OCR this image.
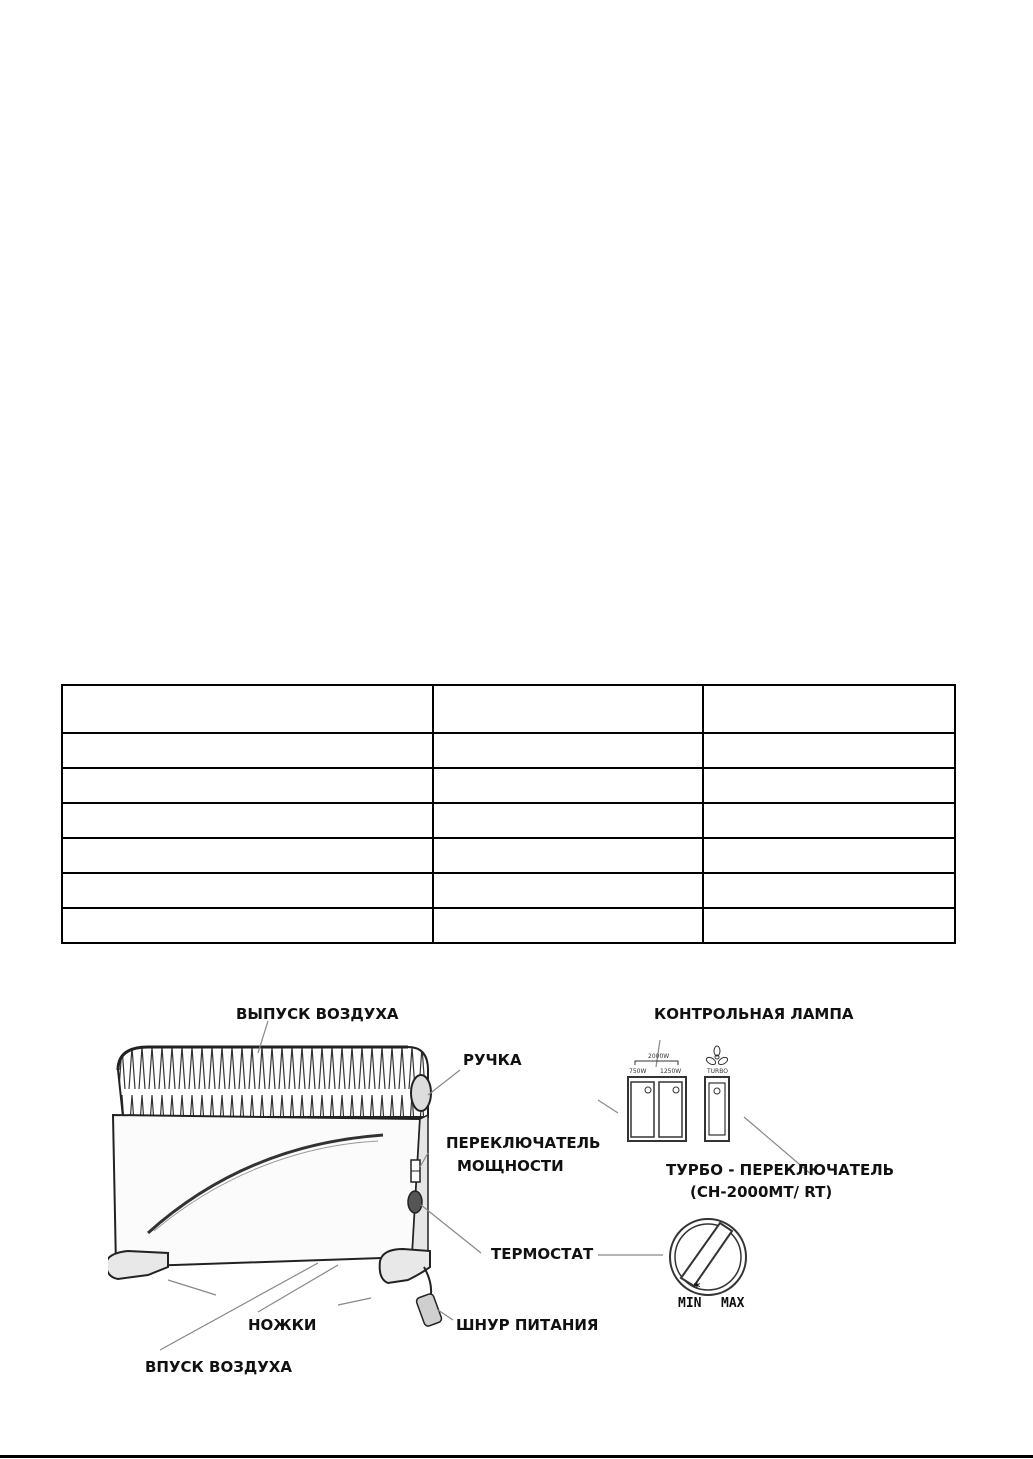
ВЫПУСК ВОЗДУХА
РУЧКА
ПЕРЕКЛЮЧАТЕЛЬ
МОЩНОСТИ
ТЕРМОСТАТ
НОЖКИ	ШНУР ПИТАНИЯ
ВПУСК ВОЗДУХА
КОНТРОЛЬНАЯ ЛАМПА
ТУРБО - ПЕРЕКЛЮЧАТЕЛЬ
(CH-2000MT/ RT)
2000W
750W 1250W	TURBO
*
MIN MAX
